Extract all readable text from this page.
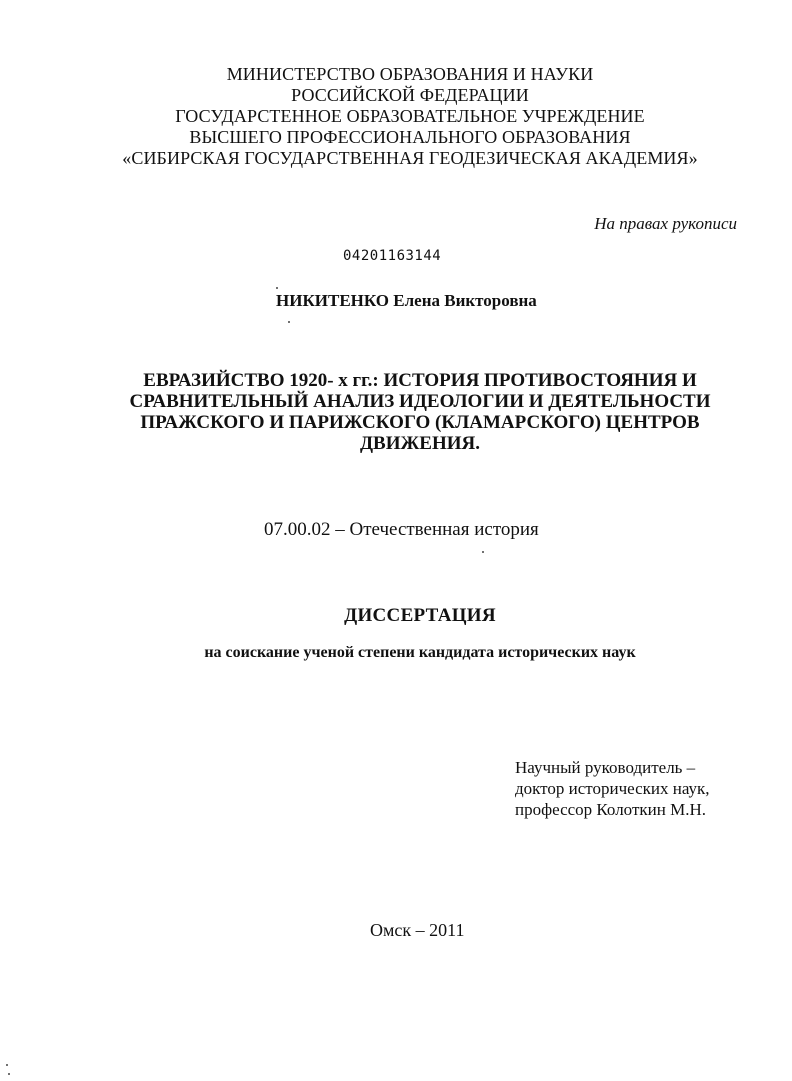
МИНИСТЕРСТВО ОБРАЗОВАНИЯ И НАУКИ
РОССИЙСКОЙ ФЕДЕРАЦИИ
ГОСУДАРСТЕННОЕ ОБРАЗОВАТЕЛЬНОЕ УЧРЕЖДЕНИЕ
ВЫСШЕГО ПРОФЕССИОНАЛЬНОГО ОБРАЗОВАНИЯ
«СИБИРСКАЯ ГОСУДАРСТВЕННАЯ ГЕОДЕЗИЧЕСКАЯ АКАДЕМИЯ»
На правах рукописи
04201163144
НИКИТЕНКО Елена Викторовна
ЕВРАЗИЙСТВО 1920- х гг.: ИСТОРИЯ ПРОТИВОСТОЯНИЯ И
СРАВНИТЕЛЬНЫЙ АНАЛИЗ ИДЕОЛОГИИ И ДЕЯТЕЛЬНОСТИ
ПРАЖСКОГО И ПАРИЖСКОГО (КЛАМАРСКОГО) ЦЕНТРОВ
ДВИЖЕНИЯ.
07.00.02 – Отечественная история
ДИССЕРТАЦИЯ
на соискание ученой степени кандидата исторических наук
Научный руководитель –
доктор исторических наук,
профессор Колоткин М.Н.
Омск – 2011
